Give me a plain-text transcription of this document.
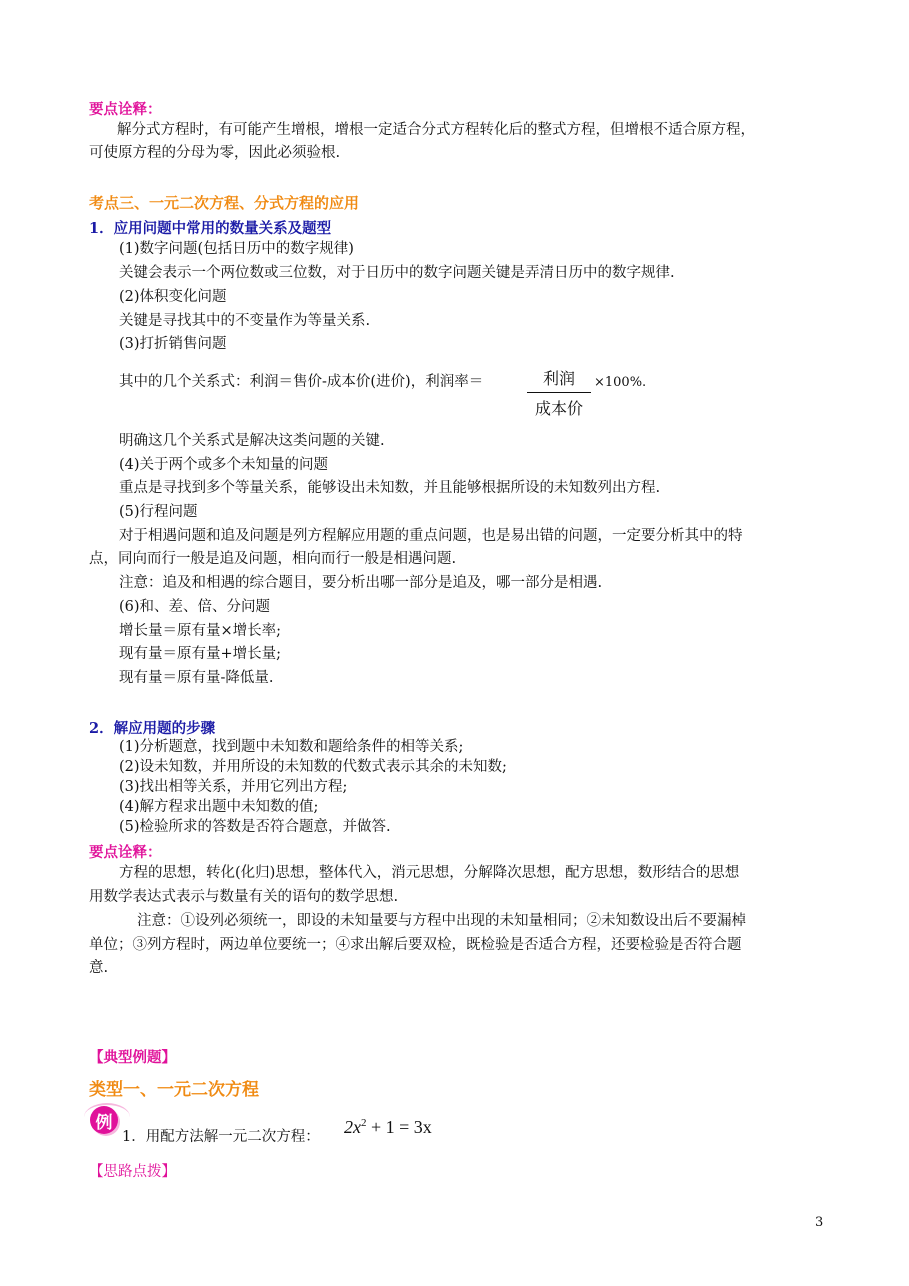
要点诠释：
解分式方程时，有可能产生增根，增根一定适合分式方程转化后的整式方程，但增根不适合原方程，
可使原方程的分母为零，因此必须验根.
考点三、一元二次方程、分式方程的应用
1．应用问题中常用的数量关系及题型
(1)数字问题(包括日历中的数字规律)
关键会表示一个两位数或三位数，对于日历中的数字问题关键是弄清日历中的数字规律.
(2)体积变化问题
关键是寻找其中的不变量作为等量关系.
(3)打折销售问题
其中的几个关系式：利润＝售价-成本价(进价)，利润率＝	利润
成本价
×100%.
明确这几个关系式是解决这类问题的关键.
(4)关于两个或多个未知量的问题
重点是寻找到多个等量关系，能够设出未知数，并且能够根据所设的未知数列出方程.
(5)行程问题
对于相遇问题和追及问题是列方程解应用题的重点问题，也是易出错的问题，一定要分析其中的特
点，同向而行一般是追及问题，相向而行一般是相遇问题.
注意：追及和相遇的综合题目，要分析出哪一部分是追及，哪一部分是相遇.
(6)和、差、倍、分问题
增长量＝原有量×增长率;
现有量＝原有量+增长量;
现有量＝原有量-降低量.
2．解应用题的步骤
(1)分析题意，找到题中未知数和题给条件的相等关系;
(2)设未知数，并用所设的未知数的代数式表示其余的未知数;
(3)找出相等关系，并用它列出方程;
(4)解方程求出题中未知数的值;
(5)检验所求的答数是否符合题意，并做答.
要点诠释：
方程的思想，转化(化归)思想，整体代入，消元思想，分解降次思想，配方思想，数形结合的思想
用数学表达式表示与数量有关的语句的数学思想.
注意：①设列必须统一，即设的未知量要与方程中出现的未知量相同；②未知数设出后不要漏棹
单位；③列方程时，两边单位要统一；④求出解后要双检，既检验是否适合方程，还要检验是否符合题
意.
【典型例题】
类型一、一元二次方程
例
1．用配方法解一元二次方程： $2x^2 + 1 = 3x$
【思路点拨】
3
